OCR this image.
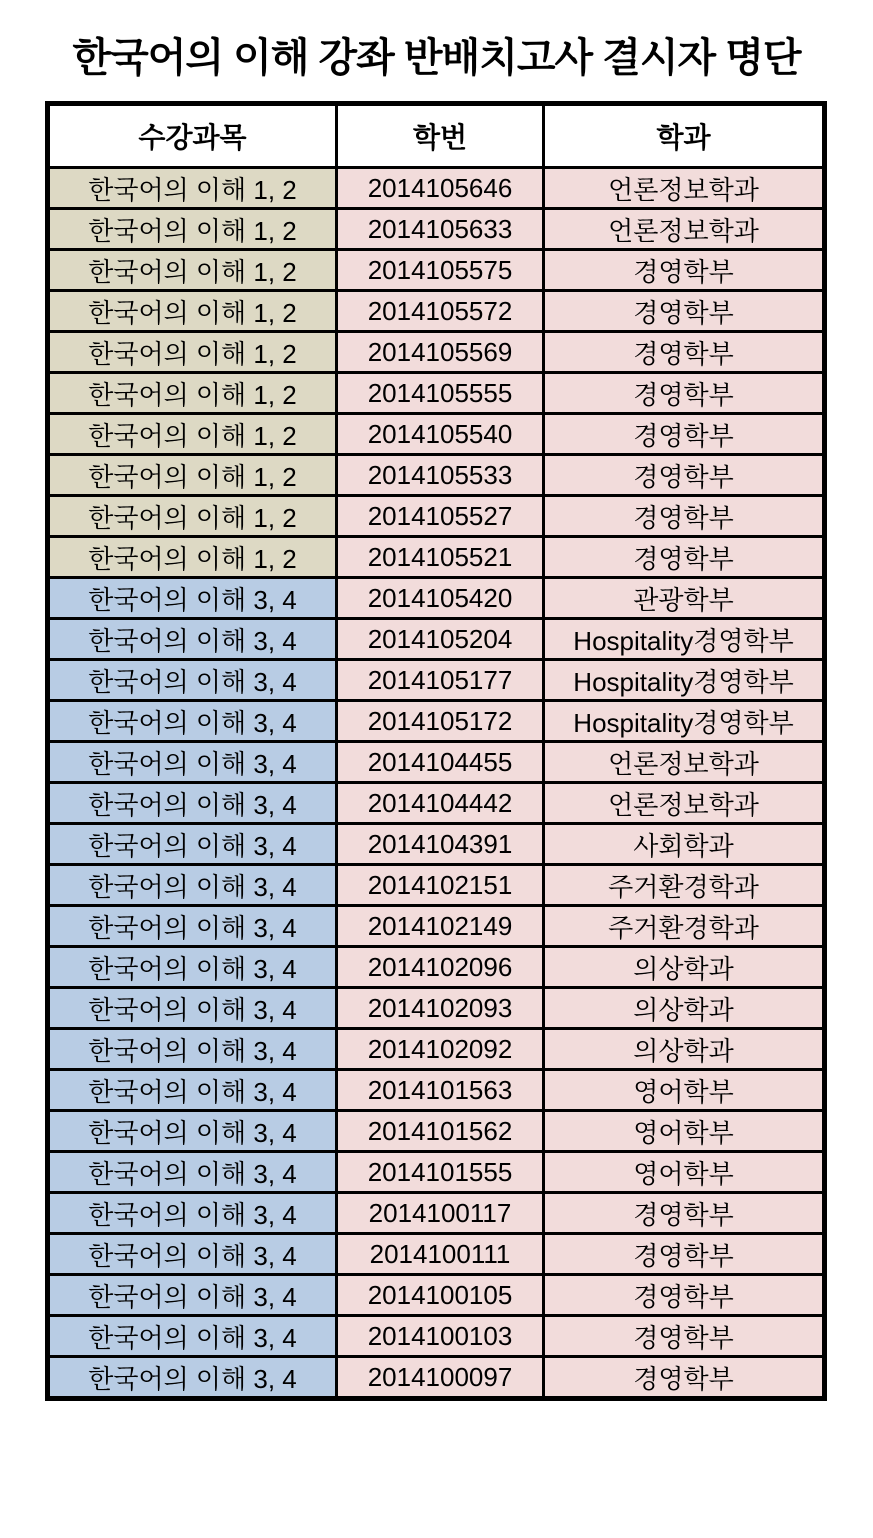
한국어의 이해 강좌 반배치고사 결시자 명단
수강과목	학번	학과
한국어의 이해 1, 2	2014105646	언론정보학과
한국어의 이해 1, 2	2014105633	언론정보학과
한국어의 이해 1, 2	2014105575	경영학부
한국어의 이해 1, 2	2014105572	경영학부
한국어의 이해 1, 2	2014105569	경영학부
한국어의 이해 1, 2	2014105555	경영학부
한국어의 이해 1, 2	2014105540	경영학부
한국어의 이해 1, 2	2014105533	경영학부
한국어의 이해 1, 2	2014105527	경영학부
한국어의 이해 1, 2	2014105521	경영학부
한국어의 이해 3, 4	2014105420	관광학부
한국어의 이해 3, 4	2014105204	Hospitality경영학부
한국어의 이해 3, 4	2014105177	Hospitality경영학부
한국어의 이해 3, 4	2014105172	Hospitality경영학부
한국어의 이해 3, 4	2014104455	언론정보학과
한국어의 이해 3, 4	2014104442	언론정보학과
한국어의 이해 3, 4	2014104391	사회학과
한국어의 이해 3, 4	2014102151	주거환경학과
한국어의 이해 3, 4	2014102149	주거환경학과
한국어의 이해 3, 4	2014102096	의상학과
한국어의 이해 3, 4	2014102093	의상학과
한국어의 이해 3, 4	2014102092	의상학과
한국어의 이해 3, 4	2014101563	영어학부
한국어의 이해 3, 4	2014101562	영어학부
한국어의 이해 3, 4	2014101555	영어학부
한국어의 이해 3, 4	2014100117	경영학부
한국어의 이해 3, 4	2014100111	경영학부
한국어의 이해 3, 4	2014100105	경영학부
한국어의 이해 3, 4	2014100103	경영학부
한국어의 이해 3, 4	2014100097	경영학부
